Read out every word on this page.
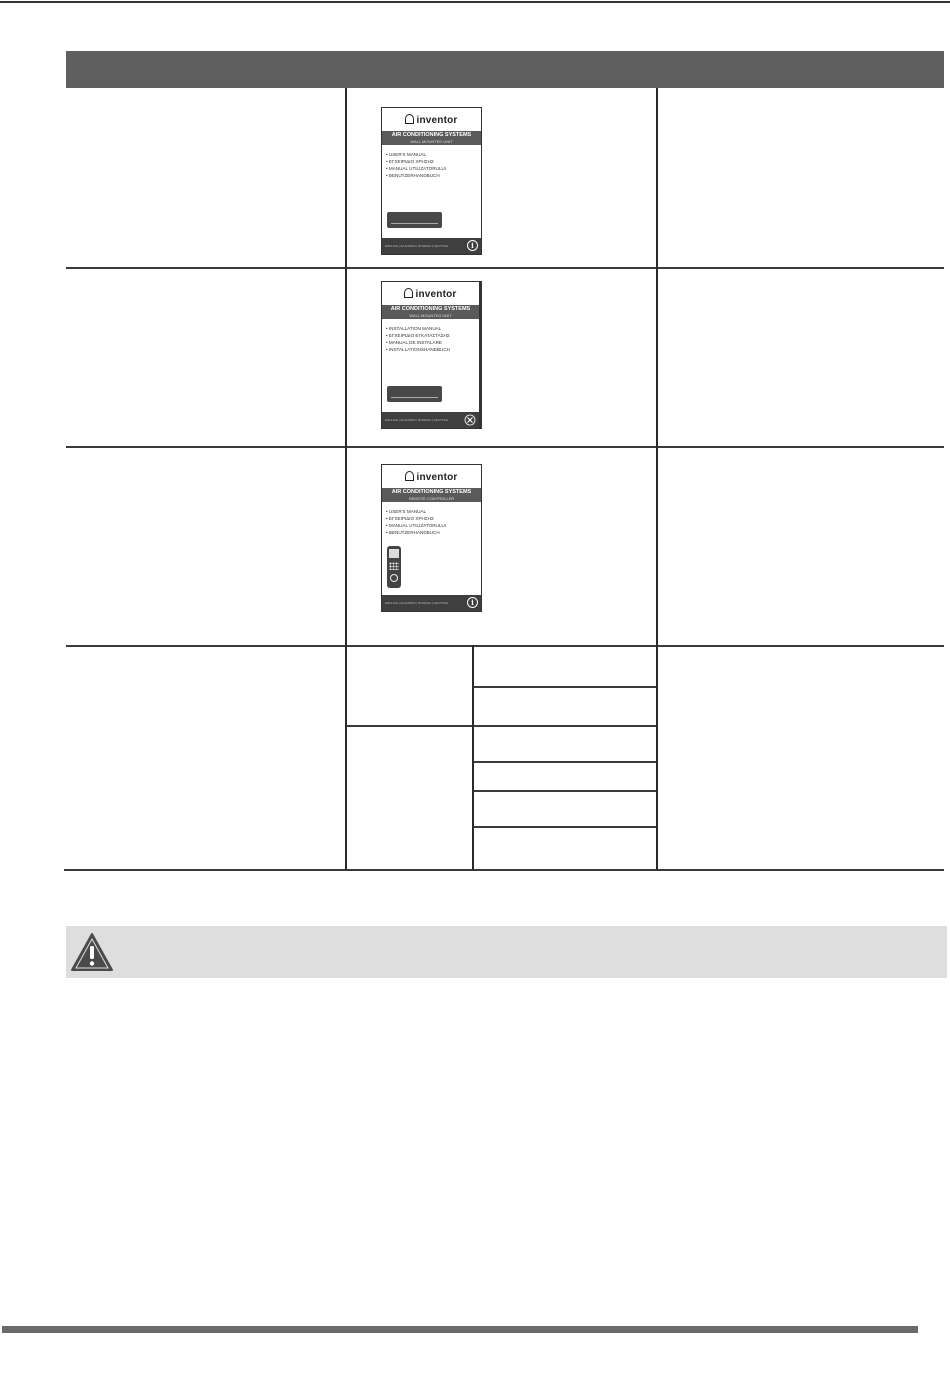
inventor
AIR CONDITIONING SYSTEMS
WALL MOUNTED UNIT
• USER'S MANUAL
• ΕΓΧΕΙΡΙΔΙΟ ΧΡΗΣΗΣ
• MANUAL UTILIZATORULUI
• BENUTZERHANDBUCH
ENGLISH | ΕΛΛΗΝΙΚΑ | ROMANA | DEUTSCH	i
inventor
AIR CONDITIONING SYSTEMS
WALL MOUNTED UNIT
• INSTALLATION MANUAL
• ΕΓΧΕΙΡΙΔΙΟ ΕΓΚΑΤΑΣΤΑΣΗΣ
• MANUAL DE INSTALARE
• INSTALLATIONSHANDBUCH
ENGLISH | ΕΛΛΗΝΙΚΑ | ROMANA | DEUTSCH
inventor
AIR CONDITIONING SYSTEMS
REMOTE CONTROLLER
• USER'S MANUAL
• ΕΓΧΕΙΡΙΔΙΟ ΧΡΗΣΗΣ
• MANUAL UTILIZATORULUI
• BENUTZERHANDBUCH
ENGLISH | ΕΛΛΗΝΙΚΑ | ROMANA | DEUTSCH	i
